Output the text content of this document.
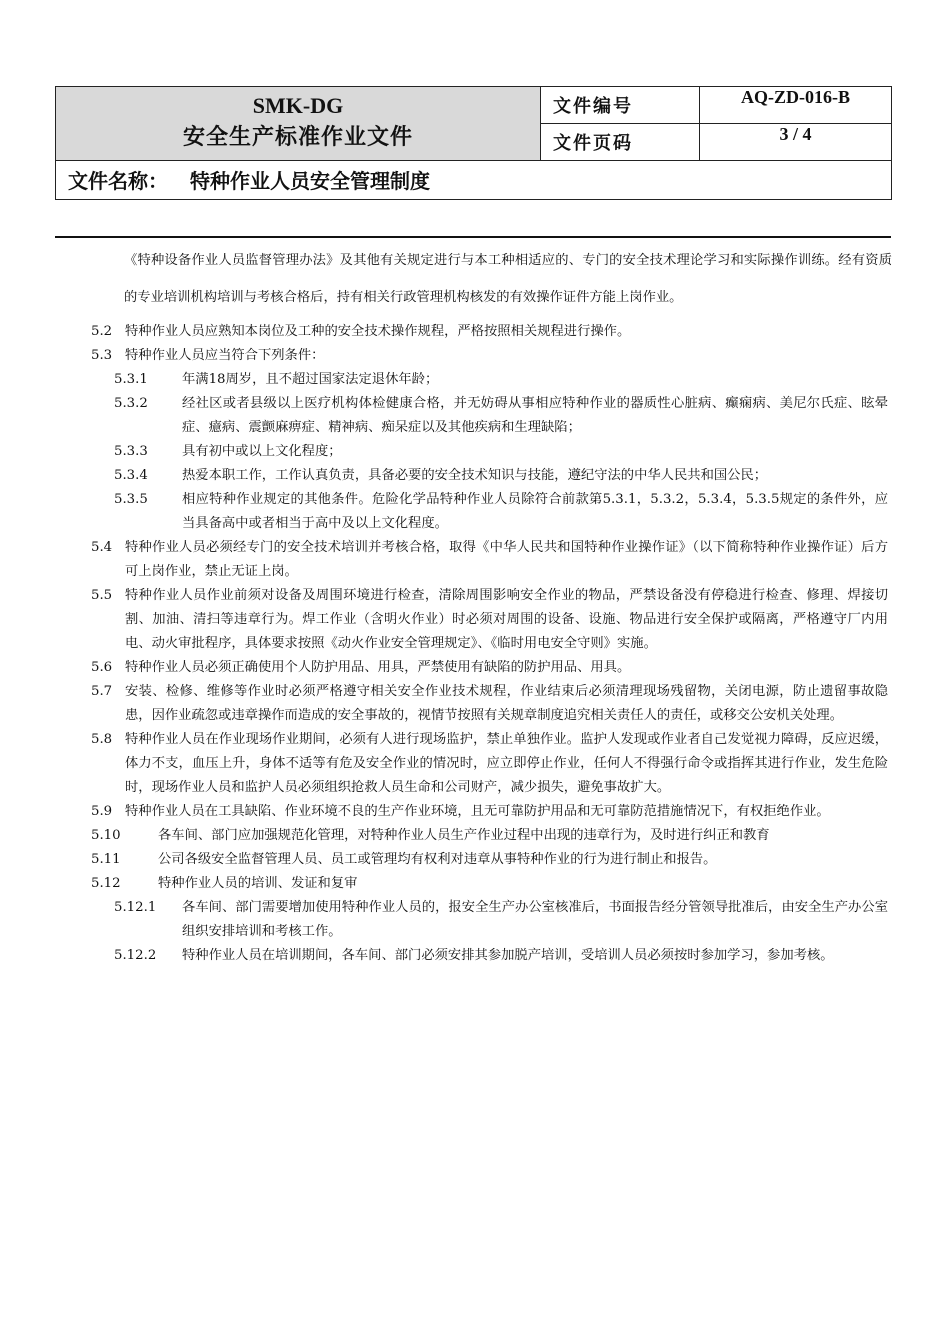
SMK-DG
安全生产标准作业文件	文件编号	AQ-ZD-016-B
	文件页码	3 / 4
文件名称： 特种作业人员安全管理制度		

《特种设备作业人员监督管理办法》及其他有关规定进行与本工种相适应的、专门的安全技术理论学习和实际操作训练。经有资质的专业培训机构培训与考核合格后，持有相关行政管理机构核发的有效操作证件方能上岗作业。

5.2 特种作业人员应熟知本岗位及工种的安全技术操作规程，严格按照相关规程进行操作。
5.3 特种作业人员应当符合下列条件：
5.3.1	年满18周岁，且不超过国家法定退休年龄；
5.3.2	经社区或者县级以上医疗机构体检健康合格，并无妨碍从事相应特种作业的器质性心脏病、癫痫病、美尼尔氏症、眩晕症、癔病、震颤麻痹症、精神病、痴呆症以及其他疾病和生理缺陷；
5.3.3	具有初中或以上文化程度；
5.3.4	热爱本职工作，工作认真负责，具备必要的安全技术知识与技能，遵纪守法的中华人民共和国公民；
5.3.5	相应特种作业规定的其他条件。危险化学品特种作业人员除符合前款第5.3.1，5.3.2，5.3.4，5.3.5规定的条件外，应当具备高中或者相当于高中及以上文化程度。
5.4 特种作业人员必须经专门的安全技术培训并考核合格，取得《中华人民共和国特种作业操作证》（以下简称特种作业操作证）后方可上岗作业，禁止无证上岗。
5.5 特种作业人员作业前须对设备及周围环境进行检查，清除周围影响安全作业的物品，严禁设备没有停稳进行检查、修理、焊接切割、加油、清扫等违章行为。焊工作业（含明火作业）时必须对周围的设备、设施、物品进行安全保护或隔离，严格遵守厂内用电、动火审批程序，具体要求按照《动火作业安全管理规定》、《临时用电安全守则》实施。
5.6 特种作业人员必须正确使用个人防护用品、用具，严禁使用有缺陷的防护用品、用具。
5.7 安装、检修、维修等作业时必须严格遵守相关安全作业技术规程，作业结束后必须清理现场残留物，关闭电源，防止遗留事故隐患，因作业疏忽或违章操作而造成的安全事故的，视情节按照有关规章制度追究相关责任人的责任，或移交公安机关处理。
5.8 特种作业人员在作业现场作业期间，必须有人进行现场监护，禁止单独作业。监护人发现或作业者自己发觉视力障碍，反应迟缓，体力不支，血压上升，身体不适等有危及安全作业的情况时，应立即停止作业，任何人不得强行命令或指挥其进行作业，发生危险时，现场作业人员和监护人员必须组织抢救人员生命和公司财产，减少损失，避免事故扩大。
5.9 特种作业人员在工具缺陷、作业环境不良的生产作业环境，且无可靠防护用品和无可靠防范措施情况下，有权拒绝作业。
5.10	各车间、部门应加强规范化管理，对特种作业人员生产作业过程中出现的违章行为，及时进行纠正和教育
5.11	公司各级安全监督管理人员、员工或管理均有权利对违章从事特种作业的行为进行制止和报告。
5.12	特种作业人员的培训、发证和复审
5.12.1	各车间、部门需要增加使用特种作业人员的，报安全生产办公室核准后，书面报告经分管领导批准后，由安全生产办公室组织安排培训和考核工作。
5.12.2	特种作业人员在培训期间，各车间、部门必须安排其参加脱产培训，受培训人员必须按时参加学习，参加考核。
